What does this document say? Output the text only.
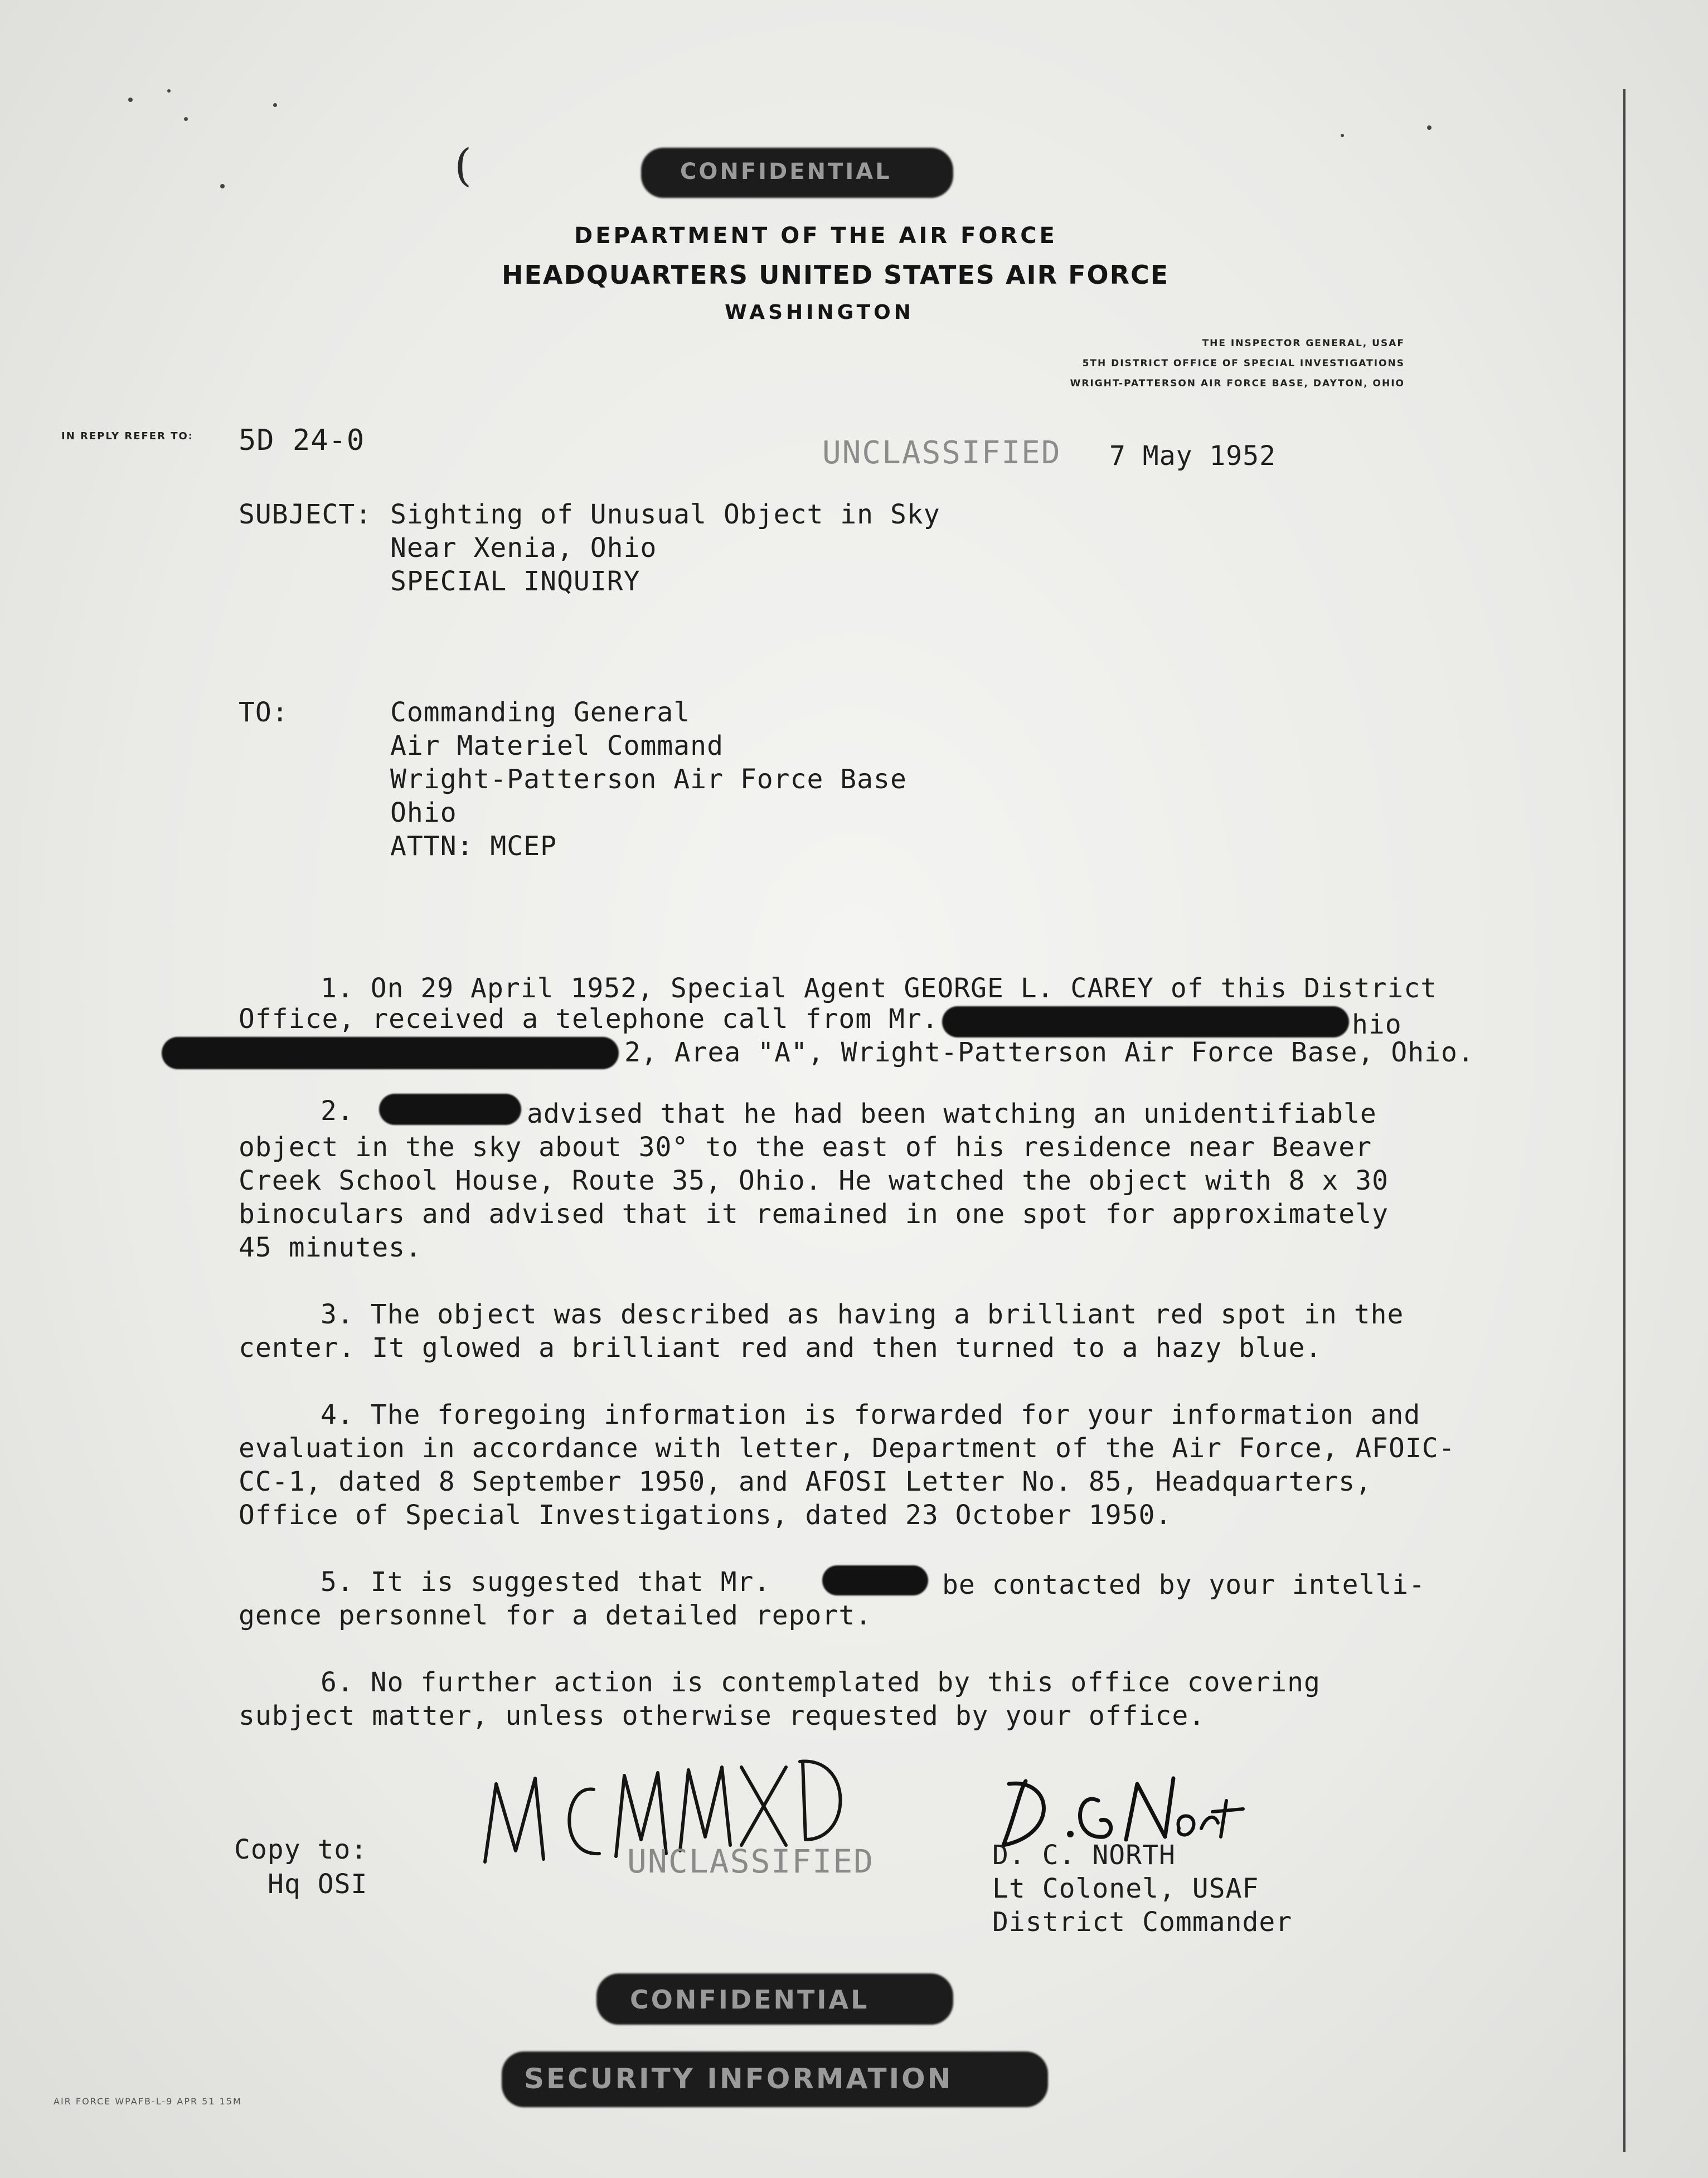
(	CONFIDENTIAL
DEPARTMENT OF THE AIR FORCE
HEADQUARTERS UNITED STATES AIR FORCE
WASHINGTON
THE INSPECTOR GENERAL, USAF
5TH DISTRICT OFFICE OF SPECIAL INVESTIGATIONS
WRIGHT-PATTERSON AIR FORCE BASE, DAYTON, OHIO
IN REPLY REFER TO: 5D 24-0	UNCLASSIFIED 7 May 1952
SUBJECT: Sighting of Unusual Object in Sky
Near Xenia, Ohio
SPECIAL INQUIRY
TO:	Commanding General
Air Materiel Command
Wright-Patterson Air Force Base
Ohio
ATTN: MCEP
1. On 29 April 1952, Special Agent GEORGE L. CAREY of this District
Office, received a telephone call from Mr.	hio
2, Area "A", Wright-Patterson Air Force Base, Ohio.
2.	advised that he had been watching an unidentifiable
object in the sky about 30° to the east of his residence near Beaver
Creek School House, Route 35, Ohio. He watched the object with 8 x 30
binoculars and advised that it remained in one spot for approximately
45 minutes.
3. The object was described as having a brilliant red spot in the
center. It glowed a brilliant red and then turned to a hazy blue.
4. The foregoing information is forwarded for your information and
evaluation in accordance with letter, Department of the Air Force, AFOIC-
CC-1, dated 8 September 1950, and AFOSI Letter No. 85, Headquarters,
Office of Special Investigations, dated 23 October 1950.
5. It is suggested that Mr.	be contacted by your intelli-
gence personnel for a detailed report.
6. No further action is contemplated by this office covering
subject matter, unless otherwise requested by your office.
UNCLASSIFIED
Copy to:
Hq OSI
D. C. NORTH
Lt Colonel, USAF
District Commander
CONFIDENTIAL
SECURITY INFORMATION
AIR FORCE WPAFB-L-9 APR 51 15M
